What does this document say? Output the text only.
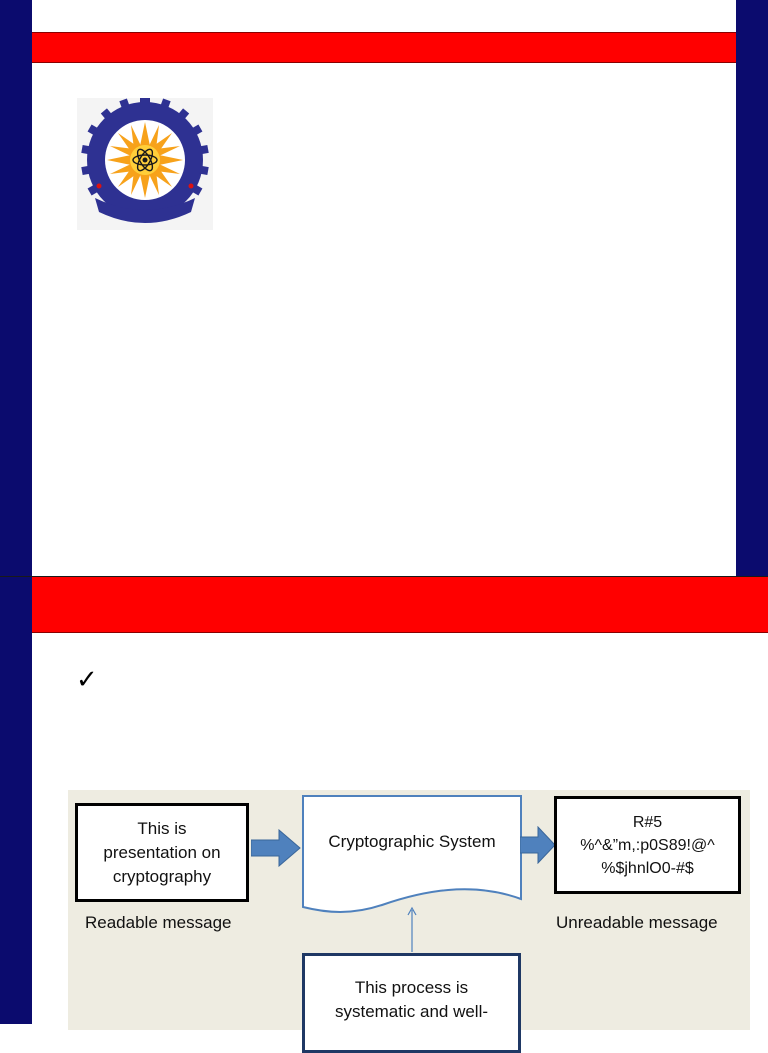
✓
This is
presentation on
cryptography
Readable message
Cryptographic System
R#5
%^&”m,:p0S89!@^
%$jhnlO0-#$
Unreadable message
This process is
systematic and well-
